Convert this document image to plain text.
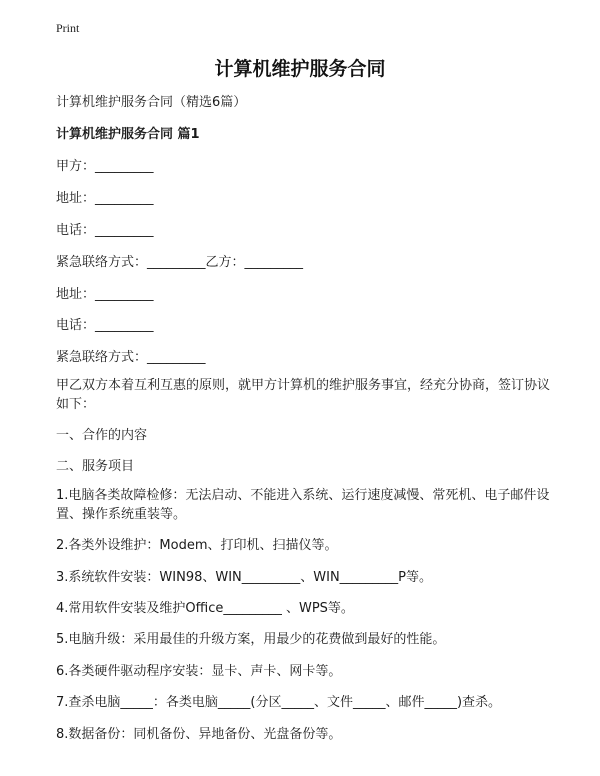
Print
计算机维护服务合同
计算机维护服务合同（精选6篇）
计算机维护服务合同 篇1
甲方：_________
地址：_________
电话：_________
紧急联络方式：_________乙方：_________
地址：_________
电话：_________
紧急联络方式：_________
甲乙双方本着互利互惠的原则，就甲方计算机的维护服务事宜，经充分协商，签订协议如下：
一、合作的内容
二、服务项目
1.电脑各类故障检修：无法启动、不能进入系统、运行速度减慢、常死机、电子邮件设置、操作系统重装等。
2.各类外设维护：Modem、打印机、扫描仪等。
3.系统软件安装：WIN98、WIN_________、WIN_________P等。
4.常用软件安装及维护Office_________ 、WPS等。
5.电脑升级：采用最佳的升级方案，用最少的花费做到最好的性能。
6.各类硬件驱动程序安装：显卡、声卡、网卡等。
7.查杀电脑_____：各类电脑_____(分区_____、文件_____、邮件_____)查杀。
8.数据备份：同机备份、异地备份、光盘备份等。
